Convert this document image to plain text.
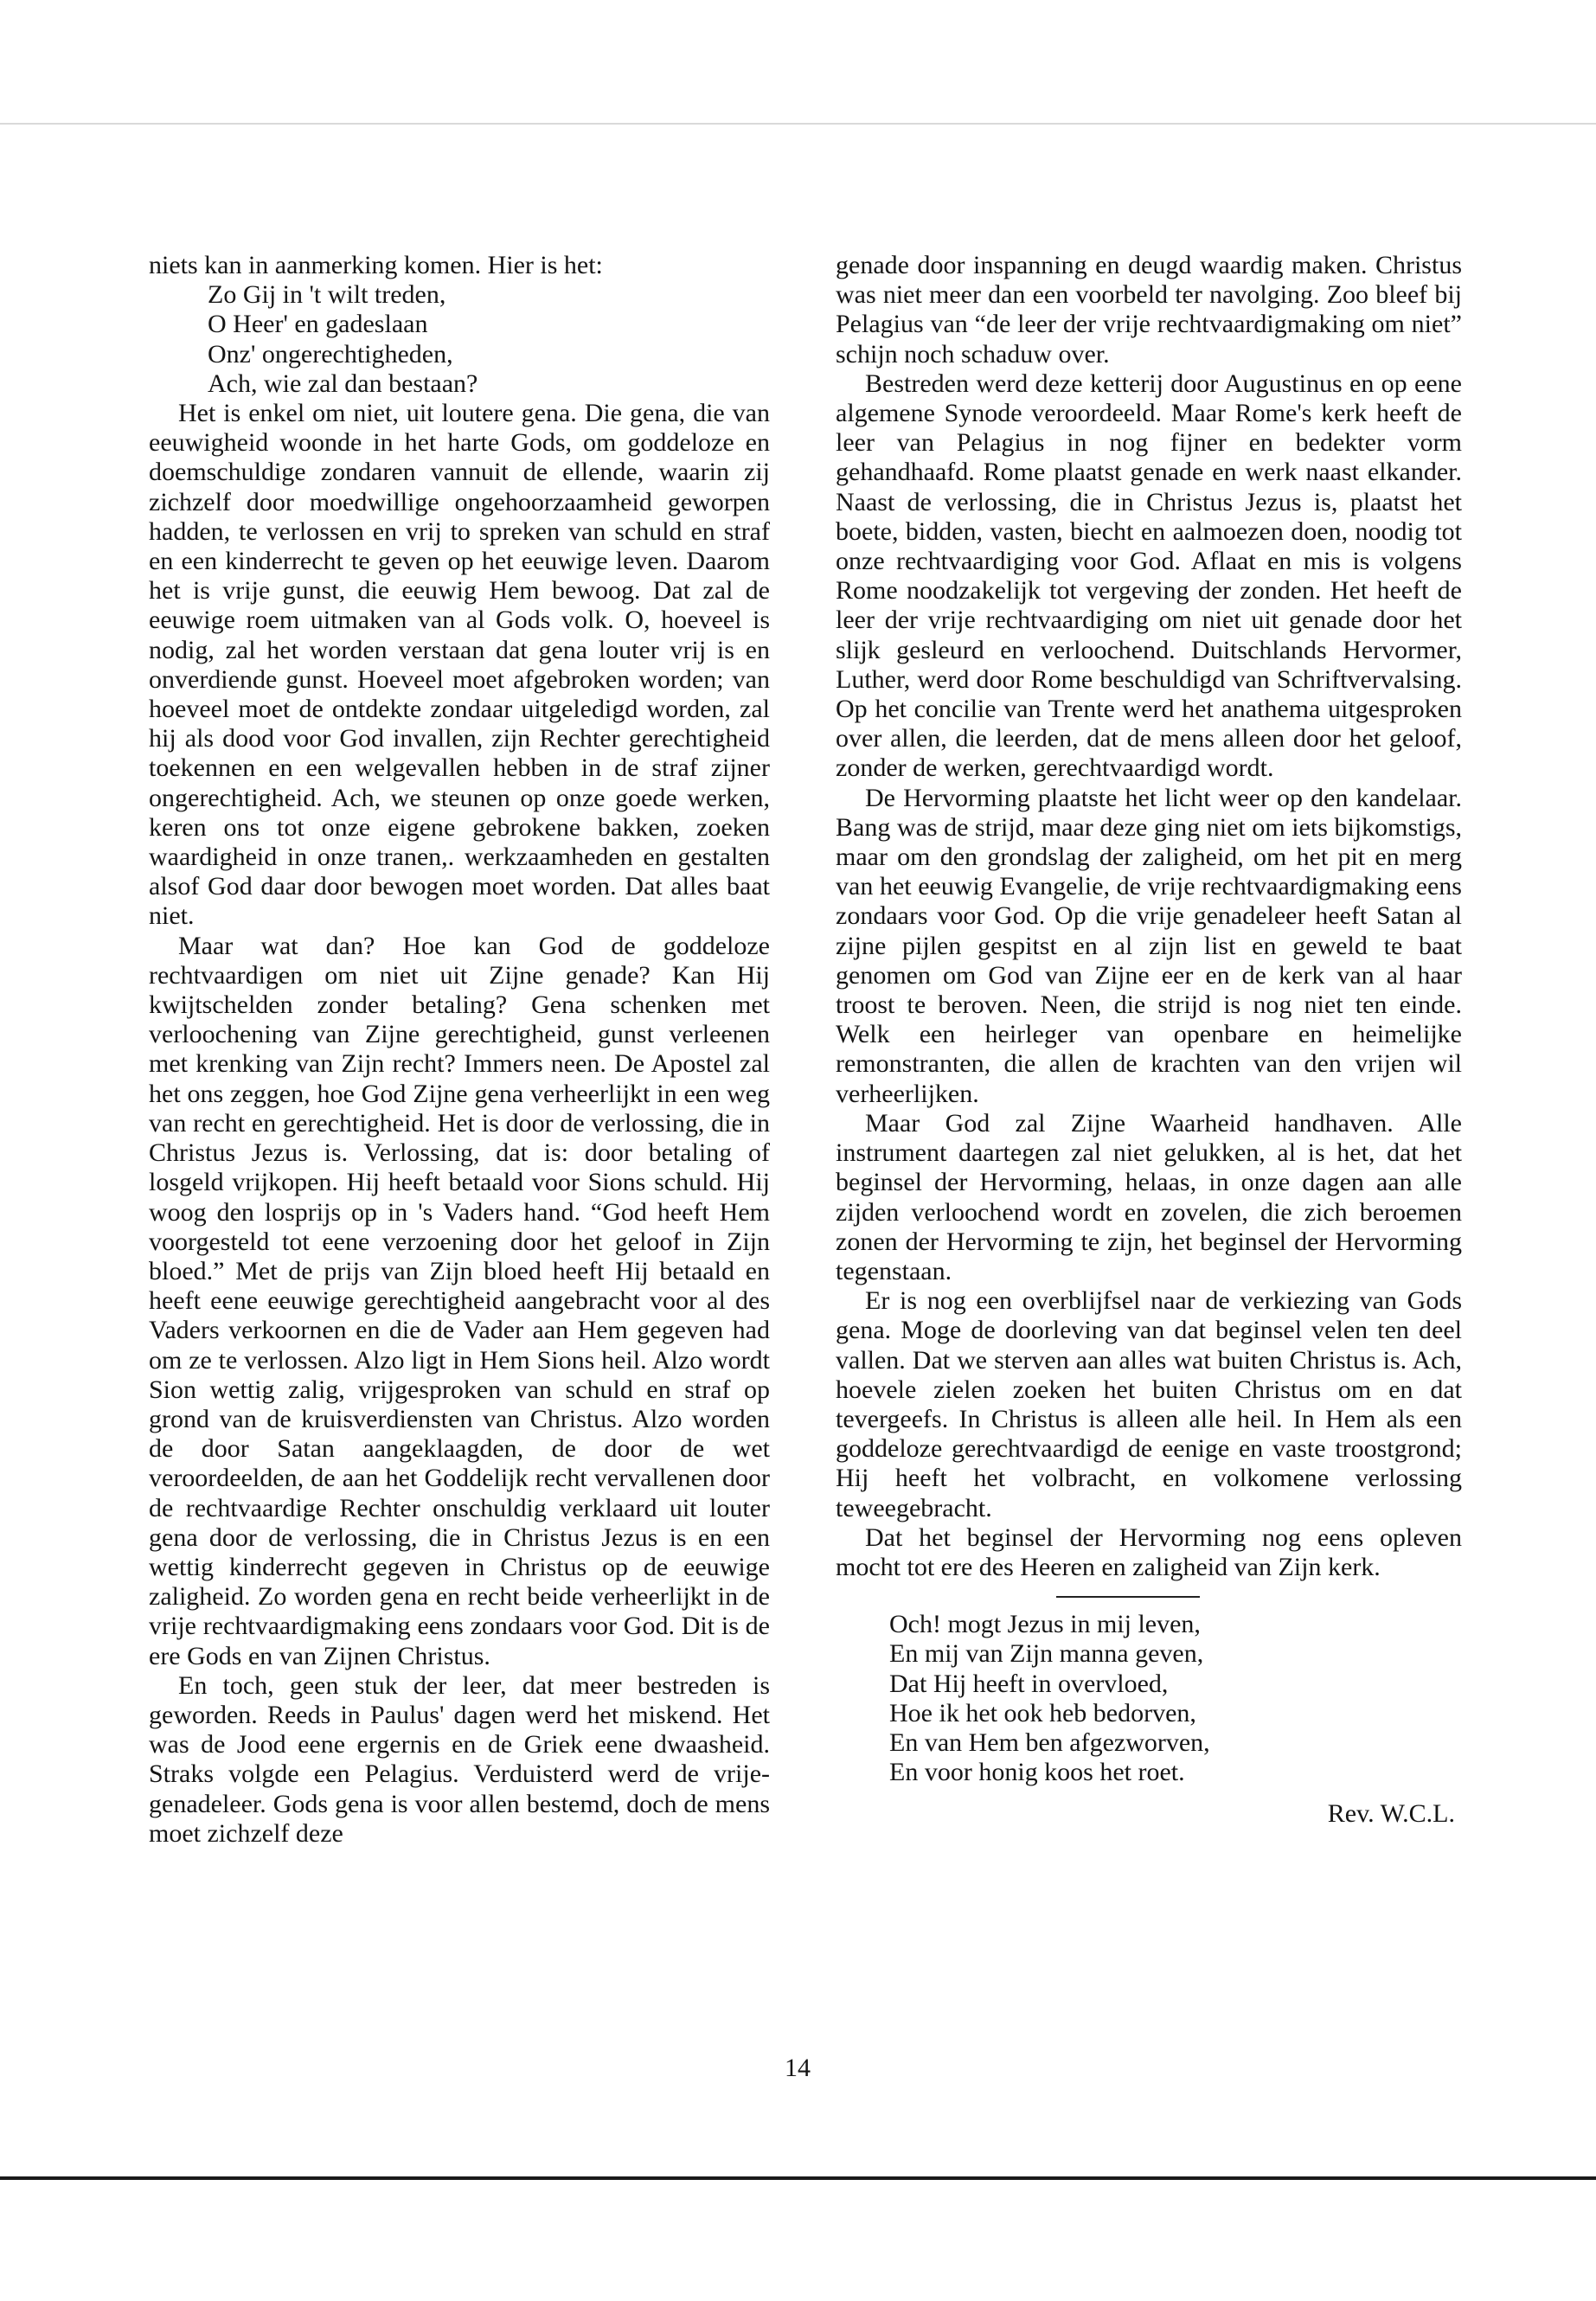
niets kan in aanmerking komen. Hier is het:

Zo Gij in 't wilt treden,
O Heer' en gadeslaan
Onz' ongerechtigheden,
Ach, wie zal dan bestaan?

Het is enkel om niet, uit loutere gena. Die gena, die van eeuwigheid woonde in het harte Gods, om goddeloze en doemschuldige zondaren vannuit de ellende, waarin zij zichzelf door moedwillige ongehoorzaamheid geworpen hadden, te verlossen en vrij to spreken van schuld en straf en een kinderrecht te geven op het eeuwige leven. Daarom het is vrije gunst, die eeuwig Hem bewoog. Dat zal de eeuwige roem uitmaken van al Gods volk. O, hoeveel is nodig, zal het worden verstaan dat gena louter vrij is en onverdiende gunst. Hoeveel moet afgebroken worden; van hoeveel moet de ontdekte zondaar uitgeledigd worden, zal hij als dood voor God invallen, zijn Rechter gerechtigheid toekennen en een welgevallen hebben in de straf zijner ongerechtigheid. Ach, we steunen op onze goede werken, keren ons tot onze eigene gebrokene bakken, zoeken waardigheid in onze tranen,. werkzaamheden en gestalten alsof God daar door bewogen moet worden. Dat alles baat niet.

Maar wat dan? Hoe kan God de goddeloze rechtvaardigen om niet uit Zijne genade? Kan Hij kwijtschelden zonder betaling? Gena schenken met verloochening van Zijne gerechtigheid, gunst verleenen met krenking van Zijn recht? Immers neen. De Apostel zal het ons zeggen, hoe God Zijne gena verheerlijkt in een weg van recht en gerechtigheid. Het is door de verlossing, die in Christus Jezus is. Verlossing, dat is: door betaling of losgeld vrijkopen. Hij heeft betaald voor Sions schuld. Hij woog den losprijs op in 's Vaders hand. “God heeft Hem voorgesteld tot eene verzoening door het geloof in Zijn bloed.” Met de prijs van Zijn bloed heeft Hij betaald en heeft eene eeuwige gerechtigheid aangebracht voor al des Vaders verkoornen en die de Vader aan Hem gegeven had om ze te verlossen. Alzo ligt in Hem Sions heil. Alzo wordt Sion wettig zalig, vrijgesproken van schuld en straf op grond van de kruisverdiensten van Christus. Alzo worden de door Satan aangeklaagden, de door de wet veroordeelden, de aan het Goddelijk recht vervallenen door de rechtvaardige Rechter onschuldig verklaard uit louter gena door de verlossing, die in Christus Jezus is en een wettig kinderrecht gegeven in Christus op de eeuwige zaligheid. Zo worden gena en recht beide verheerlijkt in de vrije rechtvaardigmaking eens zondaars voor God. Dit is de ere Gods en van Zijnen Christus.

En toch, geen stuk der leer, dat meer bestreden is geworden. Reeds in Paulus' dagen werd het miskend. Het was de Jood eene ergernis en de Griek eene dwaasheid. Straks volgde een Pelagius. Verduisterd werd de vrije-genadeleer. Gods gena is voor allen bestemd, doch de mens moet zichzelf deze

genade door inspanning en deugd waardig maken. Christus was niet meer dan een voorbeld ter navolging. Zoo bleef bij Pelagius van “de leer der vrije rechtvaardigmaking om niet” schijn noch schaduw over.

Bestreden werd deze ketterij door Augustinus en op eene algemene Synode veroordeeld. Maar Rome's kerk heeft de leer van Pelagius in nog fijner en bedekter vorm gehandhaafd. Rome plaatst genade en werk naast elkander. Naast de verlossing, die in Christus Jezus is, plaatst het boete, bidden, vasten, biecht en aalmoezen doen, noodig tot onze rechtvaardiging voor God. Aflaat en mis is volgens Rome noodzakelijk tot vergeving der zonden. Het heeft de leer der vrije rechtvaardiging om niet uit genade door het slijk gesleurd en verloochend. Duitschlands Hervormer, Luther, werd door Rome beschuldigd van Schriftvervalsing. Op het concilie van Trente werd het anathema uitgesproken over allen, die leerden, dat de mens alleen door het geloof, zonder de werken, gerechtvaardigd wordt.

De Hervorming plaatste het licht weer op den kandelaar. Bang was de strijd, maar deze ging niet om iets bijkomstigs, maar om den grondslag der zaligheid, om het pit en merg van het eeuwig Evangelie, de vrije rechtvaardigmaking eens zondaars voor God. Op die vrije genadeleer heeft Satan al zijne pijlen gespitst en al zijn list en geweld te baat genomen om God van Zijne eer en de kerk van al haar troost te beroven. Neen, die strijd is nog niet ten einde. Welk een heirleger van openbare en heimelijke remonstranten, die allen de krachten van den vrijen wil verheerlijken.

Maar God zal Zijne Waarheid handhaven. Alle instrument daartegen zal niet gelukken, al is het, dat het beginsel der Hervorming, helaas, in onze dagen aan alle zijden verloochend wordt en zovelen, die zich beroemen zonen der Hervorming te zijn, het beginsel der Hervorming tegenstaan.

Er is nog een overblijfsel naar de verkiezing van Gods gena. Moge de doorleving van dat beginsel velen ten deel vallen. Dat we sterven aan alles wat buiten Christus is. Ach, hoevele zielen zoeken het buiten Christus om en dat tevergeefs. In Christus is alleen alle heil. In Hem als een goddeloze gerechtvaardigd de eenige en vaste troostgrond; Hij heeft het volbracht, en volkomene verlossing teweegebracht.

Dat het beginsel der Hervorming nog eens opleven mocht tot ere des Heeren en zaligheid van Zijn kerk.

Och! mogt Jezus in mij leven,
En mij van Zijn manna geven,
Dat Hij heeft in overvloed,
Hoe ik het ook heb bedorven,
En van Hem ben afgezworven,
En voor honig koos het roet.
Rev. W.C.L.
14
